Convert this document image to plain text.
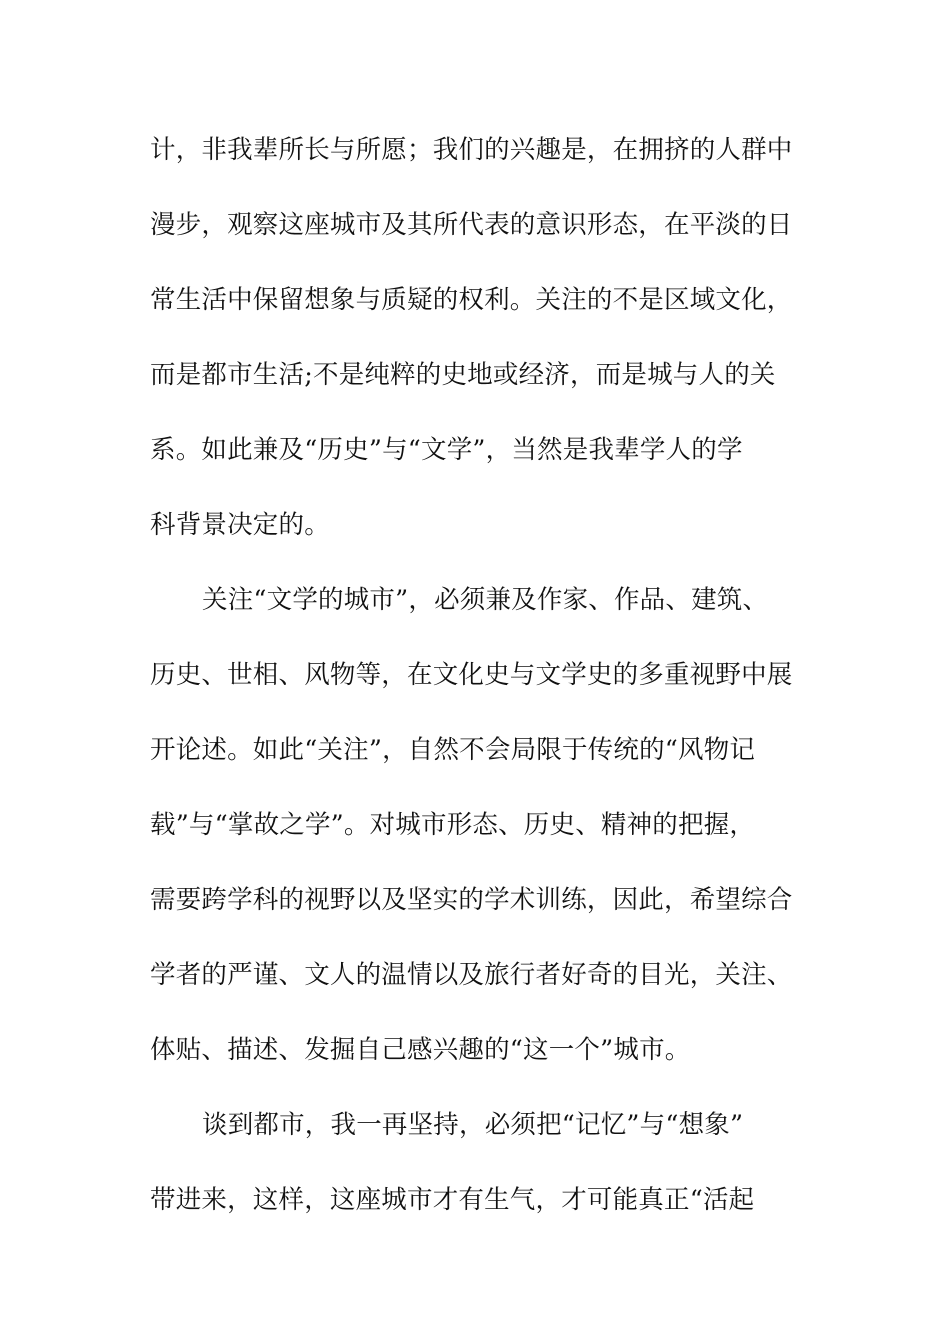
计，非我辈所长与所愿；我们的兴趣是，在拥挤的人群中
漫步，观察这座城市及其所代表的意识形态，在平淡的日
常生活中保留想象与质疑的权利。关注的不是区域文化，
而是都市生活;不是纯粹的史地或经济，而是城与人的关
系。如此兼及“历史”与“文学”，当然是我辈学人的学
科背景决定的。
关注“文学的城市”，必须兼及作家、作品、建筑、
历史、世相、风物等，在文化史与文学史的多重视野中展
开论述。如此“关注”，自然不会局限于传统的“风物记
载”与“掌故之学”。对城市形态、历史、精神的把握，
需要跨学科的视野以及坚实的学术训练，因此，希望综合
学者的严谨、文人的温情以及旅行者好奇的目光，关注、
体贴、描述、发掘自己感兴趣的“这一个”城市。
谈到都市，我一再坚持，必须把“记忆”与“想象”
带进来，这样，这座城市才有生气，才可能真正“活起
